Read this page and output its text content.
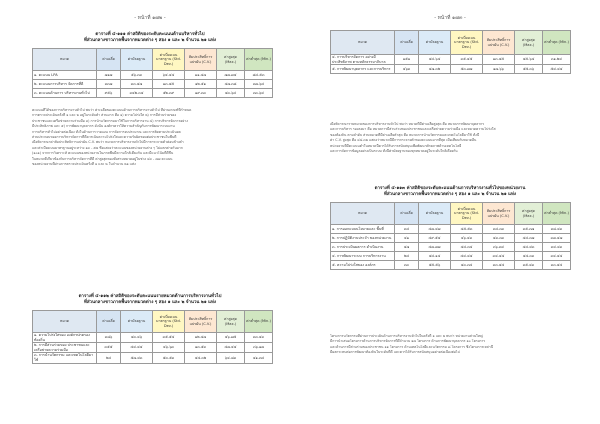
- หน้าที่ ๑๗๒ -
ตารางที่ ๔-๑๑๑ ค่าสถิติของระดับคะแนนด้านบริหารทั่วไป
ที่ส่วนกลางชาวภาคพื้นจากหมวดต่าง ๆ สอง ๑ และ ๒ จำนวน ๒๑ แห่ง
หมวด	ค่าเฉลี่ย	ค่ามัธยฐาน	ค่าเบี่ยงเบนมาตรฐาน (Std. Dev.)	สัมประสิทธิ์การแปรผัน (C.V.)	ค่าสูงสุด (Max.)	ค่าต่ำสุด (Min.)
๑. คะแนน LPA	๗๑๗	๕๖.๓๓	๖๔.๔๔	๑๑.๔๗	๗๗.๗๔	๘๔.๕๓
๒. คะแนนการบริหาร จัดการที่ดี	๓๓๗	๓๓.๔๗	๑๓.๔๕	๑๒.๕๑	๔๗.๓๘	๓๗.๖๔
๓. คะแนนด้านการ บริหารงานทั่วไป	๙๕๖	๓๔๒.๓๔	๕๒.๓๙	๑๙.๓๓	๔๓.๖๔	๓๓.๖๔
คะแนนที่ได้ของการบริหารงานทั่วไป พบว่า ค่าเฉลี่ยของคะแนนด้านการบริหารงานทั่วไป ที่ผ่านเกณฑ์ที่กำหนด
การตรวจประเมินครั้งที่ ๑ และ ๒ อยู่ในระดับต่ำ ส่วนมาก คือ ๑) ความโปร่งใส ๒) การมีส่วนร่วมของ
ประชาชนและเครือข่ายความร่วมมือ ๓) การนำนวัตกรรมมาใช้ในการบริหารงาน ๔) การบริหารจัดการอย่าง
มีประสิทธิภาพ และ ๕) การพัฒนาบุคลากร ดังนั้น องค์กรควรให้ความสำคัญกับการพัฒนาระบบงาน
การบริหารทั่วไปอย่างต่อเนื่อง ทั้งในด้านการวางแผน การจัดการงบประมาณ และการติดตามประเมินผล
ส่วนประกอบของการบริหารจัดการที่ดีควรเน้นความโปร่งใสและความรับผิดชอบต่อประชาชนในพื้นที่
เมื่อพิจารณาค่าสัมประสิทธิ์การแปรผัน C.V. พบว่า หมวดการบริหารงานทั่วไปมีการกระจายตัวค่อนข้างต่ำ
และค่าเบี่ยงเบนมาตรฐานอยู่ระหว่าง ๑๓ - ๕๒ ซึ่งแสดงว่าคะแนนของหน่วยงานต่าง ๆ ไม่แตกต่างกันมาก
(๑๐๑) จากการวิเคราะห์ คะแนนของหน่วยงานในภาคพื้นมีความใกล้เคียงกัน และมีแนวโน้มที่ดีขึ้น
ในหมวดที่เกี่ยวข้องกับการบริหารจัดการที่ดี ค่าสูงสุดของทั้งสามหมวดอยู่ในช่วง ๔๓ - ๗๗ คะแนน
ของหน่วยงานที่ผ่านการตรวจประเมินครั้งที่ ๑ และ ๒ ในจำนวน ๒๑ แห่ง
ตารางที่ ๔-๑๑๒ ค่าสถิติของระดับคะแนนรายหมวดด้านการบริหารงานทั่วไป
ที่ส่วนกลางชาวภาคพื้นจากหมวดต่าง ๆ สอง ๑ และ ๒ จำนวน ๒๑ แห่ง
หมวด	ค่าเฉลี่ย	ค่ามัธยฐาน	ค่าเบี่ยงเบนมาตรฐาน (Std. Dev.)	สัมประสิทธิ์การแปรผัน (C.V.)	ค่าสูงสุด (Max.)	ค่าต่ำสุด (Min.)
๑. ความโปร่งใสของ องค์กรปกครองท้องถิ่น	๓๘๖	๔๓.๔๖	๓๕.๕๔	๑๒.๔๗	๔๖.๗๕	๓๓.๔๓
๒. การมีส่วนร่วมของ ประชาชนและ เครือข่ายความร่วมมือ	๓๕๕	๔๔.๔๔	๔๖.๖๓	๑๓.๕๓	๔๗.๔๔	๓๖.๑๗
๓. การนำนวัตกรรม และเทคโนโลยีมาใช้	๒๔	๕๗.๔๓	๕๓.๕๓	๔๔.๓๒	๖๔.๘๓	๔๑.๓๔
- หน้าที่ ๑๗๓ -
หมวด	ค่าเฉลี่ย	ค่ามัธยฐาน	ค่าเบี่ยงเบนมาตรฐาน (Std. Dev.)	สัมประสิทธิ์การแปรผัน (C.V.)	ค่าสูงสุด (Max.)	ค่าต่ำสุด (Min.)
๔. การบริหารจัดการ อย่างมีประสิทธิภาพ ตามหลักธรรมาภิบาล	๑๕๑	๔๔.๖๔	๓๕.๔๕	๑๓.๔๕	๔๕.๖๔	๓๑.๒๔
๕. การพัฒนาบุคลากร และการบริหาร	๔๖๓	๔๗.๓๒	๕๓.๗๗	๑๗.๖๖	๕๕.๓๖	๕๔.๔๔
เมื่อพิจารณารายหมวดของการบริหารงานทั่วไป พบว่า หมวดที่มีค่าเฉลี่ยสูงสุด คือ หมวดการพัฒนาบุคลากร
และการบริหาร รองลงมา คือ หมวดการมีส่วนร่วมของประชาชนและเครือข่ายความร่วมมือ และหมวดความโปร่งใส
ของท้องถิ่น ตามลำดับ ส่วนหมวดที่มีค่าเฉลี่ยต่ำสุด คือ หมวดการนำนวัตกรรมและเทคโนโลยีมาใช้ ทั้งนี้
ค่า C.V. สูงสุด คือ ๔๔.๓๒ แสดงว่าหมวดนี้มีการกระจายตัวของคะแนนมากที่สุด เมื่อเทียบกับหมวดอื่น
หน่วยงานที่มีคะแนนต่ำในหมวดนี้ควรได้รับการสนับสนุนเพื่อพัฒนาศักยภาพด้านเทคโนโลยี
และการจัดการข้อมูลอย่างเป็นระบบ ทั้งนี้ค่ามัธยฐานของทุกหมวดอยู่ในระดับใกล้เคียงกัน
ตารางที่ ๔-๑๑๓ ค่าสถิติของระดับคะแนนด้านการบริหารงานทั่วไปของหน่วยงาน
ที่ส่วนกลางชาวภาคพื้นจากหมวดต่าง ๆ สอง ๑ และ ๒ จำนวน ๒๑ แห่ง
หมวด	ค่าเฉลี่ย	ค่ามัธยฐาน	ค่าเบี่ยงเบนมาตรฐาน (Std. Dev.)	สัมประสิทธิ์การแปรผัน (C.V.)	ค่าสูงสุด (Max.)	ค่าต่ำสุด (Min.)
๑. การออกแบบนโยบายและ พื้นที่	๓๔	๔๗.๔๗	๔๕.๕๓	๓๔.๓๓	๓๕.๓๗	๓๘.๔๓
๒. การปฏิบัติงานประจำ ของหน่วยงาน	๔๑	๔๙.๕๔	๔๖.๔๓	๔๓.๓๓	๔๔.๓๗	๓๗.๔๗
๓. การประเมินผลการ ดำเนินงาน	๔๗	๔๗.๗๗	๔๔.๓๔	๓๖.๓๔	๔๔.๔๓	๓๔.๔๓
๔. การพัฒนาระบบ การบริหารงาน	๒๔	๔๔.๑๔	๔๔.๔๔	๓๔.๔๔	๔๔.๓๓	๓๔.๔๔
๕. ความโปร่งใสของ องค์กร	๓๓	๕๕.๕๖	๔๓.๓๔	๓๓.๔๔	๓๕.๔๓	๓๓.๔๔
โครงการนวัตกรรมที่ผ่านการประเมินด้านการบริหารงานทั่วไปในครั้งที่ ๑ และ ๒ พบว่า หน่วยงานส่วนใหญ่
มีการนำเสนอโครงการด้านการบริหารจัดการที่ดีจำนวน ๑๗ โครงการ ด้านการพัฒนาบุคลากร ๑๐ โครงการ
และด้านการมีส่วนร่วมของประชาชน ๑๑ โครงการ ด้านเทคโนโลยีและนวัตกรรม ๘ โครงการ ซึ่งโครงการเหล่านี้
มีผลกระทบต่อการพัฒนาท้องถิ่นในระดับที่ดี และควรได้รับการสนับสนุนอย่างต่อเนื่องต่อไป
